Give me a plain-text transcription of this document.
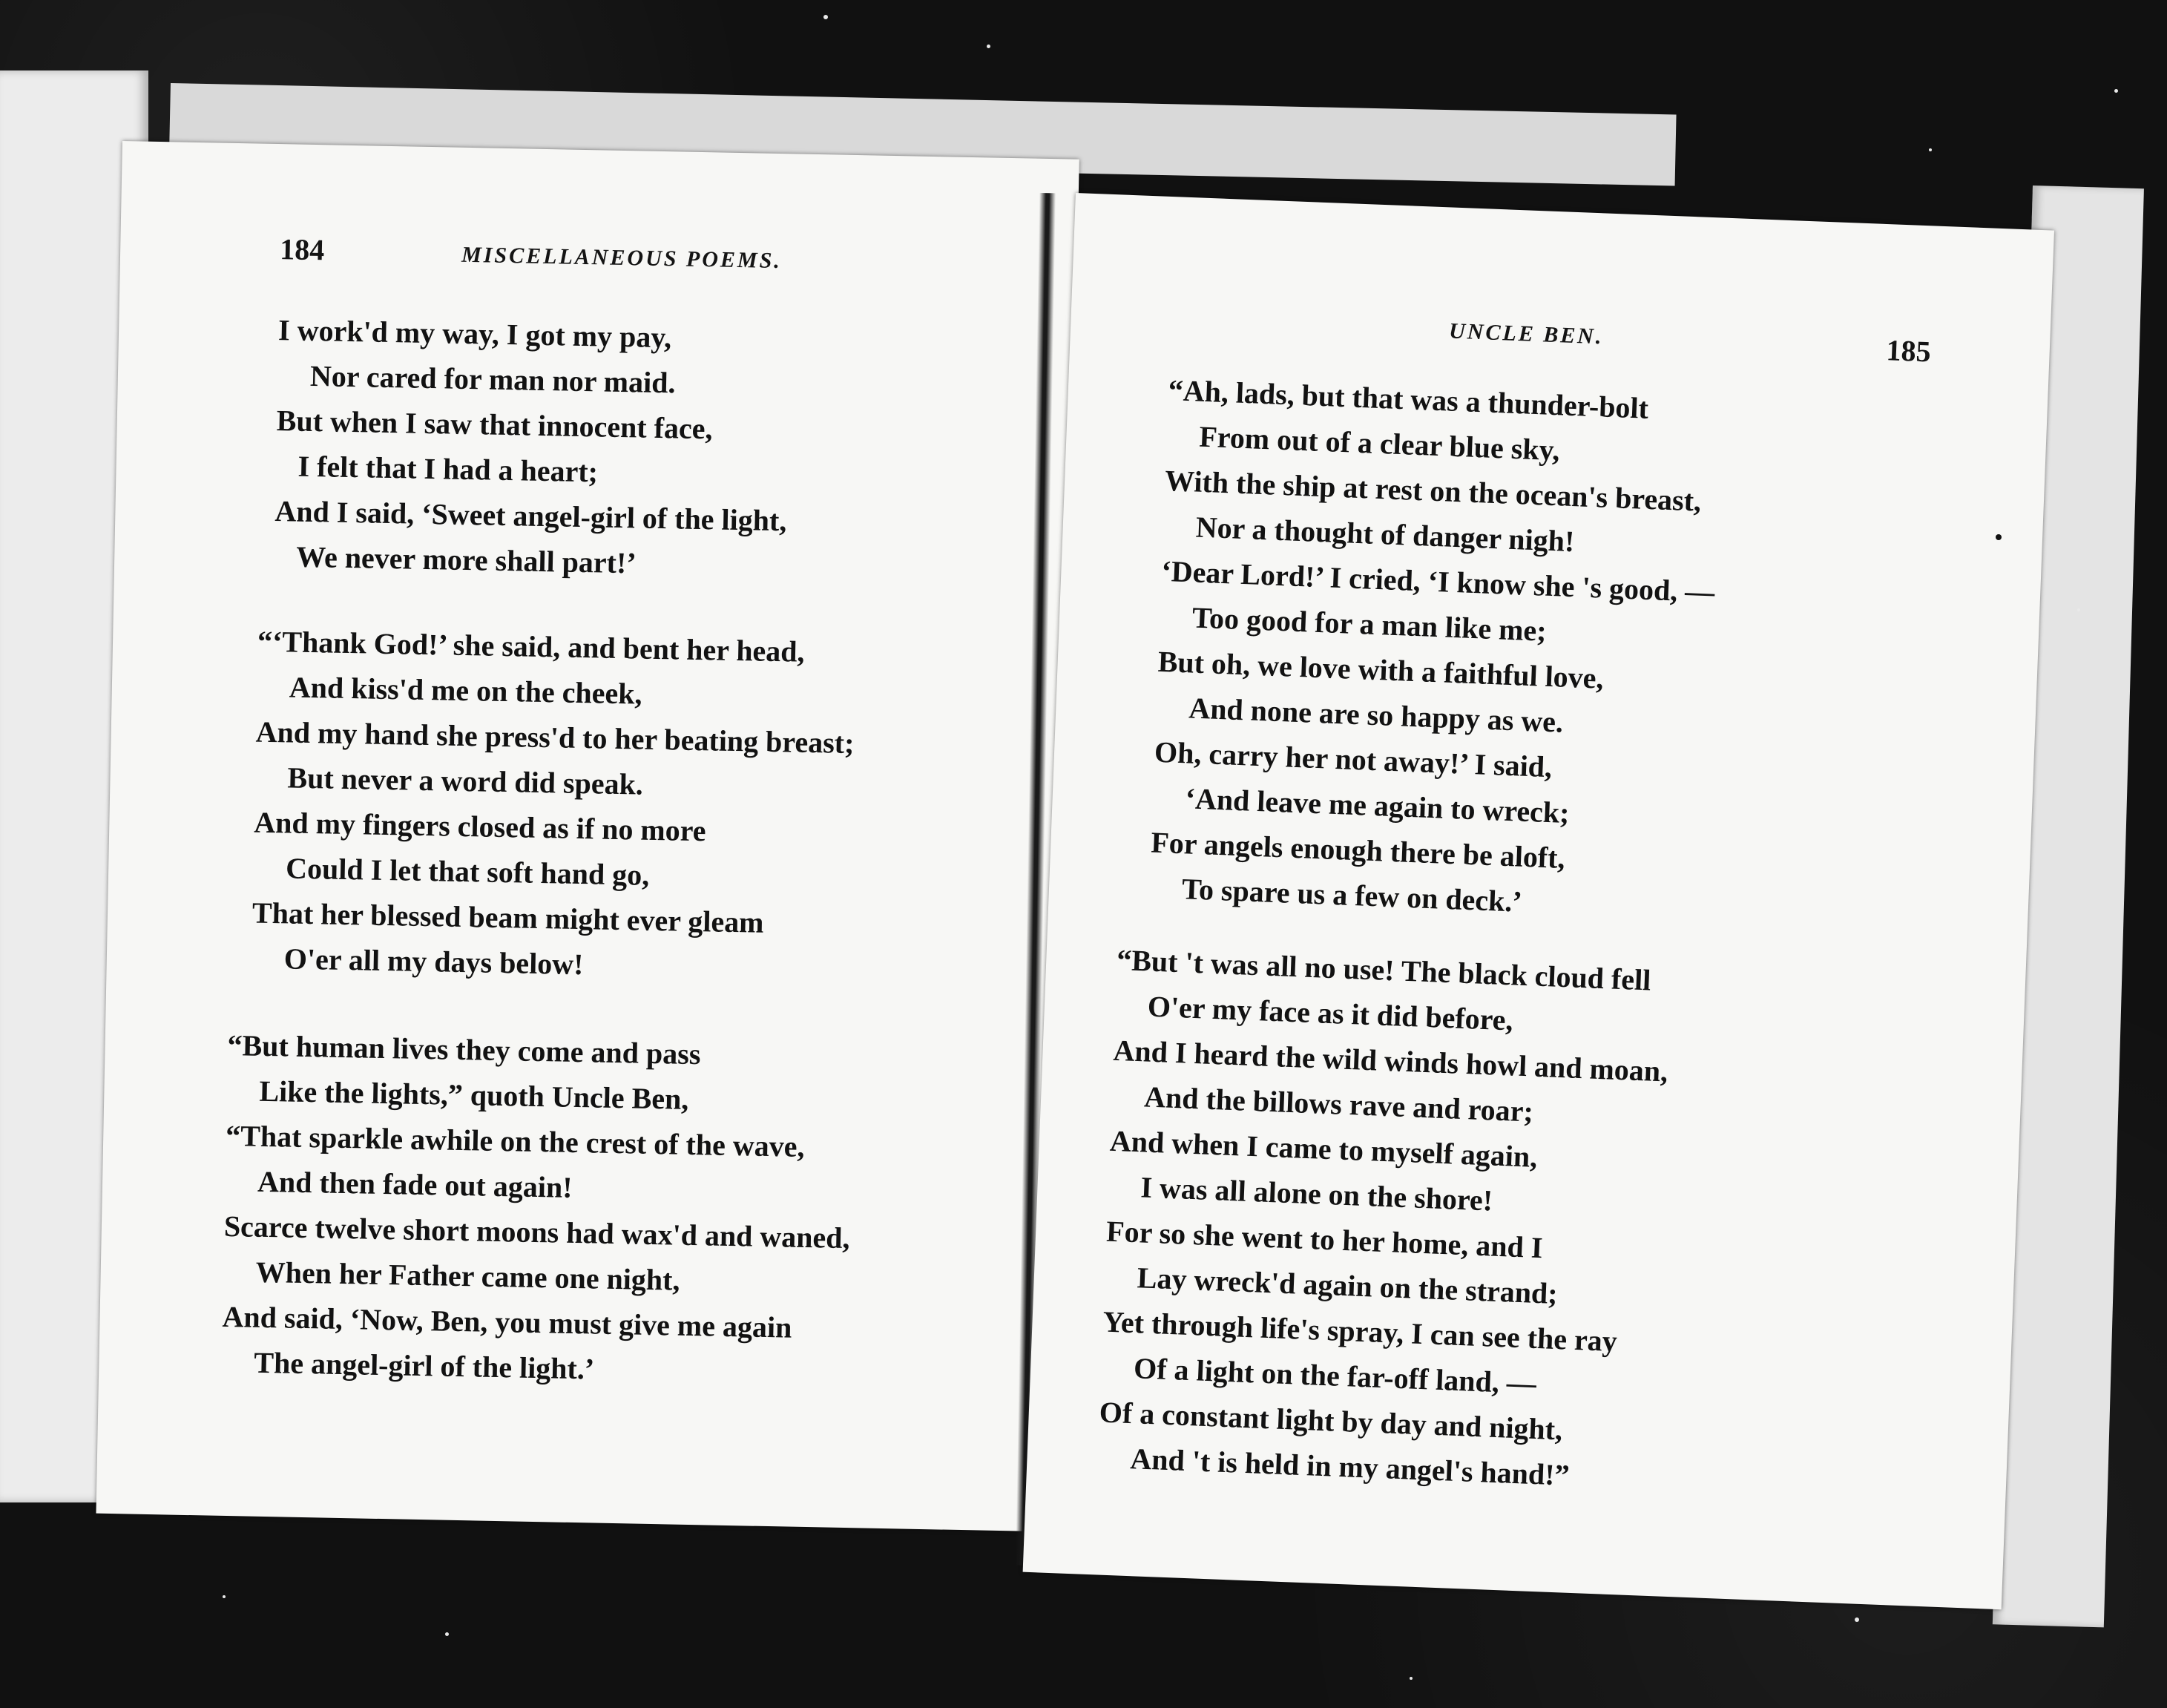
184	MISCELLANEOUS POEMS.
I work'd my way, I got my pay,
Nor cared for man nor maid.
But when I saw that innocent face,
I felt that I had a heart;
And I said, ‘Sweet angel-girl of the light,
We never more shall part!’
“‘Thank God!’ she said, and bent her head,
And kiss'd me on the cheek,
And my hand she press'd to her beating breast;
But never a word did speak.
And my fingers closed as if no more
Could I let that soft hand go,
That her blessed beam might ever gleam
O'er all my days below!
“But human lives they come and pass
Like the lights,” quoth Uncle Ben,
“That sparkle awhile on the crest of the wave,
And then fade out again!
Scarce twelve short moons had wax'd and waned,
When her Father came one night,
And said, ‘Now, Ben, you must give me again
The angel-girl of the light.’
UNCLE BEN.	185
“Ah, lads, but that was a thunder-bolt
From out of a clear blue sky,
With the ship at rest on the ocean's breast,
Nor a thought of danger nigh!
‘Dear Lord!’ I cried, ‘I know she 's good, —
Too good for a man like me;
But oh, we love with a faithful love,
And none are so happy as we.
Oh, carry her not away!’ I said,
‘And leave me again to wreck;
For angels enough there be aloft,
To spare us a few on deck.’
“But 't was all no use! The black cloud fell
O'er my face as it did before,
And I heard the wild winds howl and moan,
And the billows rave and roar;
And when I came to myself again,
I was all alone on the shore!
For so she went to her home, and I
Lay wreck'd again on the strand;
Yet through life's spray, I can see the ray
Of a light on the far-off land, —
Of a constant light by day and night,
And 't is held in my angel's hand!”
